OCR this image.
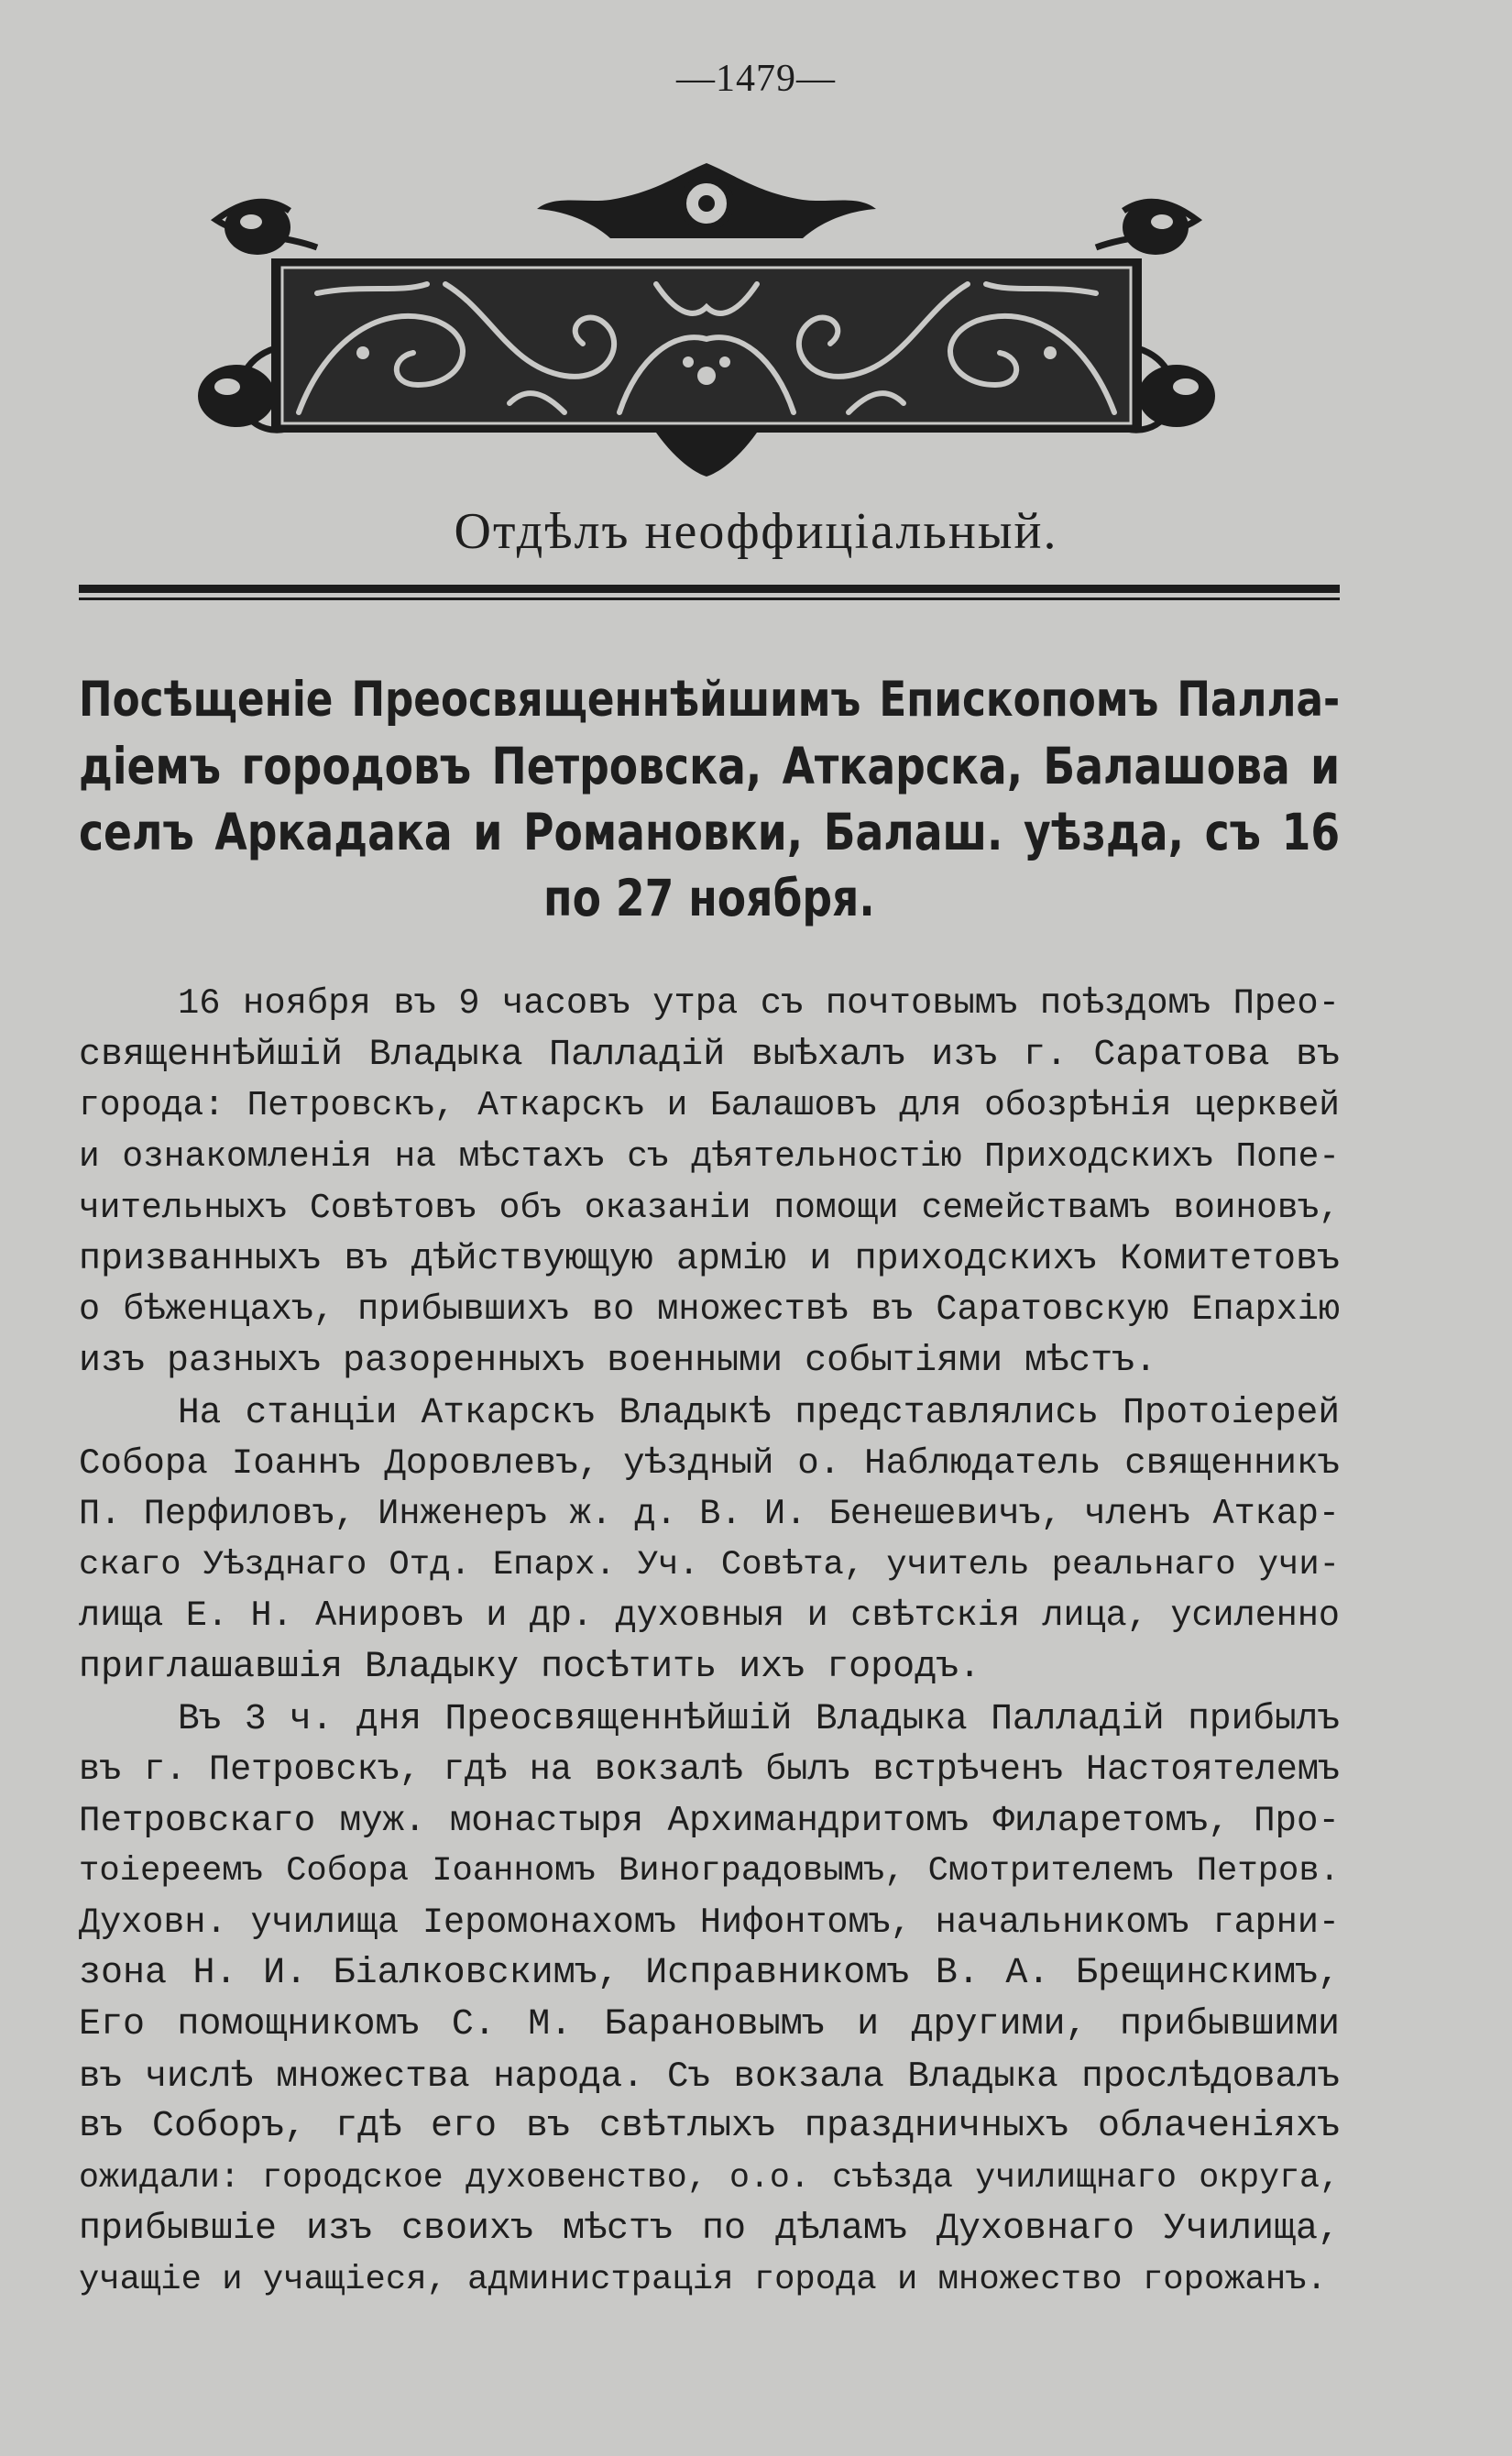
—1479—
Отдѣлъ неоффиціальный.
Посѣщеніе Преосвященнѣйшимъ Епископомъ Палла-
діемъ городовъ Петровска, Аткарска, Балашова и
селъ Аркадака и Романовки, Балаш. уѣзда, съ 16
по 27 ноября.
16 ноября въ 9 часовъ утра съ почтовымъ поѣздомъ Прео-
священнѣйшій Владыка Палладій выѣхалъ изъ г. Саратова въ
города: Петровскъ, Аткарскъ и Балашовъ для обозрѣнія церквей
и ознакомленія на мѣстахъ съ дѣятельностію Приходскихъ Попе-
чительныхъ Совѣтовъ объ оказаніи помощи семействамъ воиновъ,
призванныхъ въ дѣйствующую армію и приходскихъ Комитетовъ
о бѣженцахъ, прибывшихъ во множествѣ въ Саратовскую Епархію
изъ разныхъ разоренныхъ военными событіями мѣстъ.
На станціи Аткарскъ Владыкѣ представлялись Протоіерей
Собора Іоаннъ Доровлевъ, уѣздный о. Наблюдатель священникъ
П. Перфиловъ, Инженеръ ж. д. В. И. Бенешевичъ, членъ Аткар-
скаго Уѣзднаго Отд. Епарх. Уч. Совѣта, учитель реальнаго учи-
лища Е. Н. Анировъ и др. духовныя и свѣтскія лица, усиленно
приглашавшія Владыку посѣтить ихъ городъ.
Въ 3 ч. дня Преосвященнѣйшій Владыка Палладій прибылъ
въ г. Петровскъ, гдѣ на вокзалѣ былъ встрѣченъ Настоятелемъ
Петровскаго муж. монастыря Архимандритомъ Филаретомъ, Про-
тоіереемъ Собора Іоанномъ Виноградовымъ, Смотрителемъ Петров.
Духовн. училища Іеромонахомъ Нифонтомъ, начальникомъ гарни-
зона Н. И. Біалковскимъ, Исправникомъ В. А. Брещинскимъ,
Его помощникомъ С. М. Барановымъ и другими, прибывшими
въ числѣ множества народа. Съ вокзала Владыка прослѣдовалъ
въ Соборъ, гдѣ его въ свѣтлыхъ праздничныхъ облаченіяхъ
ожидали: городское духовенство, о.о. съѣзда училищнаго округа,
прибывшіе изъ своихъ мѣстъ по дѣламъ Духовнаго Училища,
учащіе и учащіеся, администрація города и множество горожанъ.
